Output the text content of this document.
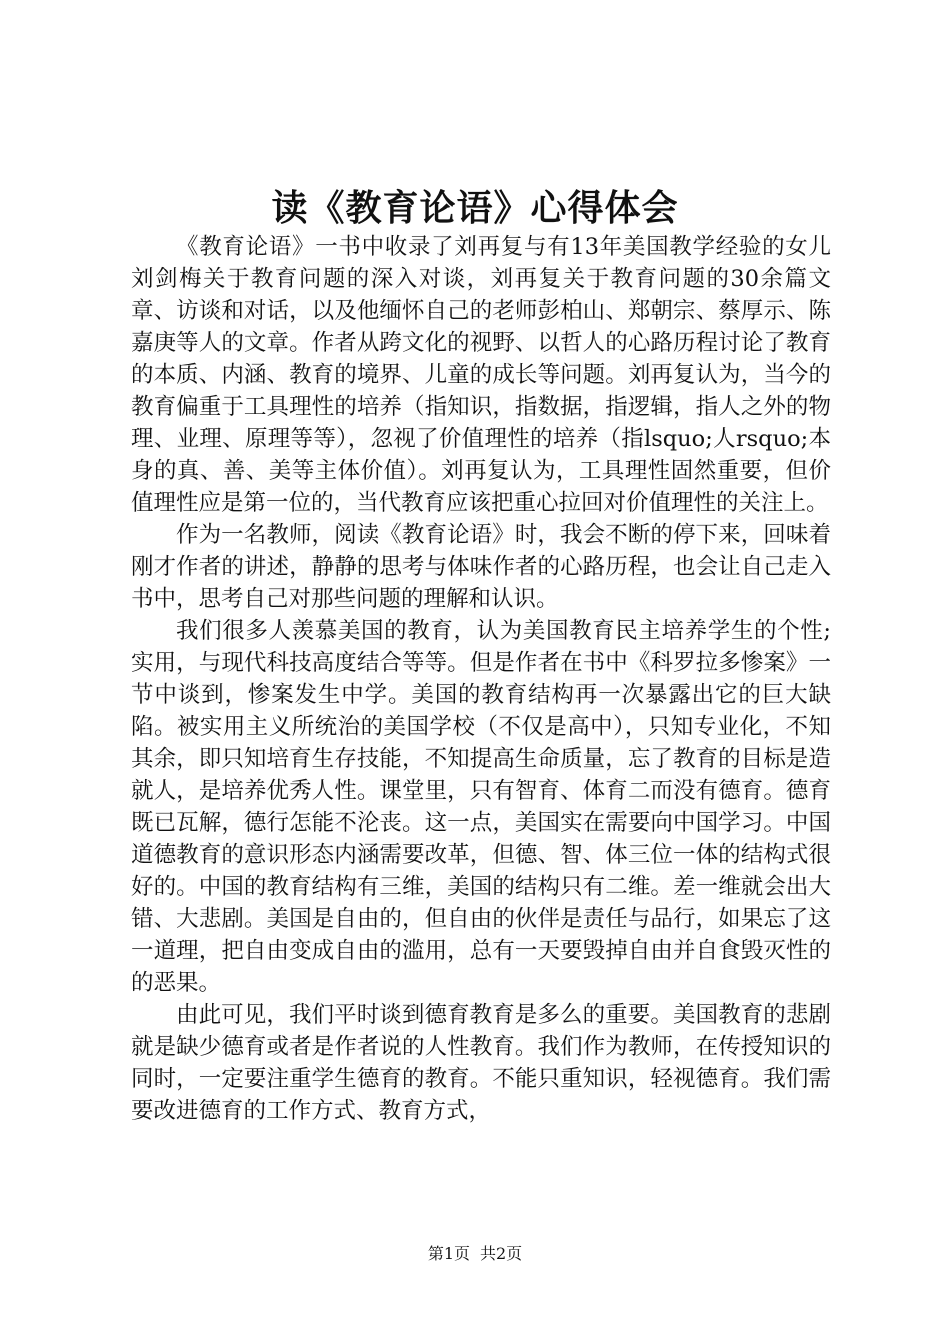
读《教育论语》心得体会

《教育论语》一书中收录了刘再复与有13年美国教学经验的女儿刘剑梅关于教育问题的深入对谈，刘再复关于教育问题的30余篇文章、访谈和对话，以及他缅怀自己的老师彭柏山、郑朝宗、蔡厚示、陈嘉庚等人的文章。作者从跨文化的视野、以哲人的心路历程讨论了教育的本质、内涵、教育的境界、儿童的成长等问题。刘再复认为，当今的教育偏重于工具理性的培养（指知识，指数据，指逻辑，指人之外的物理、业理、原理等等），忽视了价值理性的培养（指lsquo;人rsquo;本身的真、善、美等主体价值）。刘再复认为，工具理性固然重要，但价值理性应是第一位的，当代教育应该把重心拉回对价值理性的关注上。

作为一名教师，阅读《教育论语》时，我会不断的停下来，回味着刚才作者的讲述，静静的思考与体味作者的心路历程，也会让自己走入书中，思考自己对那些问题的理解和认识。

我们很多人羡慕美国的教育，认为美国教育民主培养学生的个性;实用，与现代科技高度结合等等。但是作者在书中《科罗拉多惨案》一节中谈到，惨案发生中学。美国的教育结构再一次暴露出它的巨大缺陷。被实用主义所统治的美国学校（不仅是高中），只知专业化，不知其余，即只知培育生存技能，不知提高生命质量，忘了教育的目标是造就人，是培养优秀人性。课堂里，只有智育、体育二而没有德育。德育既已瓦解，德行怎能不沦丧。这一点，美国实在需要向中国学习。中国道德教育的意识形态内涵需要改革，但德、智、体三位一体的结构式很好的。中国的教育结构有三维，美国的结构只有二维。差一维就会出大错、大悲剧。美国是自由的，但自由的伙伴是责任与品行，如果忘了这一道理，把自由变成自由的滥用，总有一天要毁掉自由并自食毁灭性的的恶果。

由此可见，我们平时谈到德育教育是多么的重要。美国教育的悲剧就是缺少德育或者是作者说的人性教育。我们作为教师，在传授知识的同时，一定要注重学生德育的教育。不能只重知识，轻视德育。我们需要改进德育的工作方式、教育方式，

第1页 共2页
